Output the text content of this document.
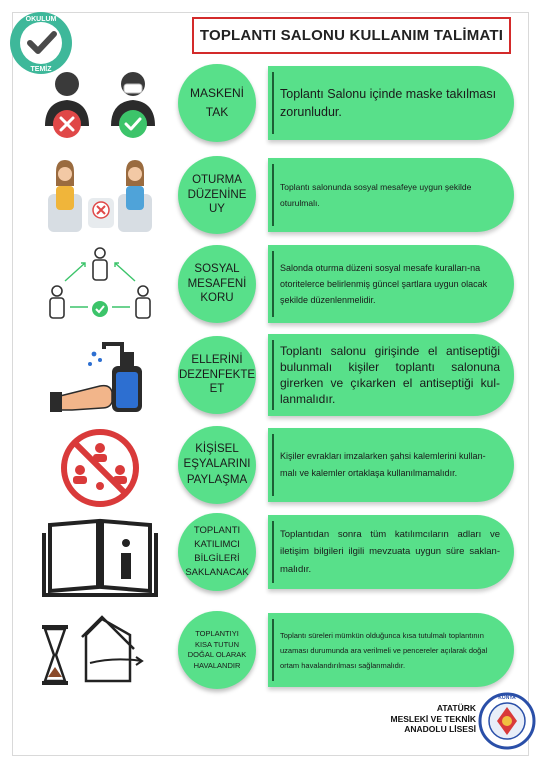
OKULUM
TEMİZ
TOPLANTI SALONU KULLANIM TALİMATI
MASKENİ TAK
Toplantı Salonu içinde maske takılması zorunludur.
OTURMA DÜZENİNE UY
Toplantı salonunda sosyal mesafeye uygun şekilde oturulmalı.
SOSYAL MESAFENİ KORU
Salonda oturma düzeni sosyal mesafe kuralları-na otoritelerce belirlenmiş güncel şartlara uygun olacak şekilde düzenlenmelidir.
ELLERİNİ DEZENFEKTE ET
Toplantı salonu girişinde el antiseptiği bulunmalı kişiler toplantı salonuna girerken ve çıkarken el antiseptiği kul-lanmalıdır.
KİŞİSEL EŞYALARINI PAYLAŞMA
Kişiler evrakları imzalarken şahsi kalemlerini kullan-malı ve kalemler ortaklaşa kullanılmamalıdır.
TOPLANTI KATILIMCI BİLGİLERİ SAKLANACAK
Toplantıdan sonra tüm katılımcıların adları ve iletişim bilgileri ilgili mevzuata uygun süre saklan-malıdır.
TOPLANTIYI KISA TUTUN DOĞAL OLARAK HAVALANDIR
Toplantı süreleri mümkün olduğunca kısa tutulmalı toplantının uzaması durumunda ara verilmeli ve pencereler açılarak doğal ortam havalandırılması sağlanmalıdır.
ATATÜRK
MESLEKİ VE TEKNİK
ANADOLU LİSESİ
KONYA
